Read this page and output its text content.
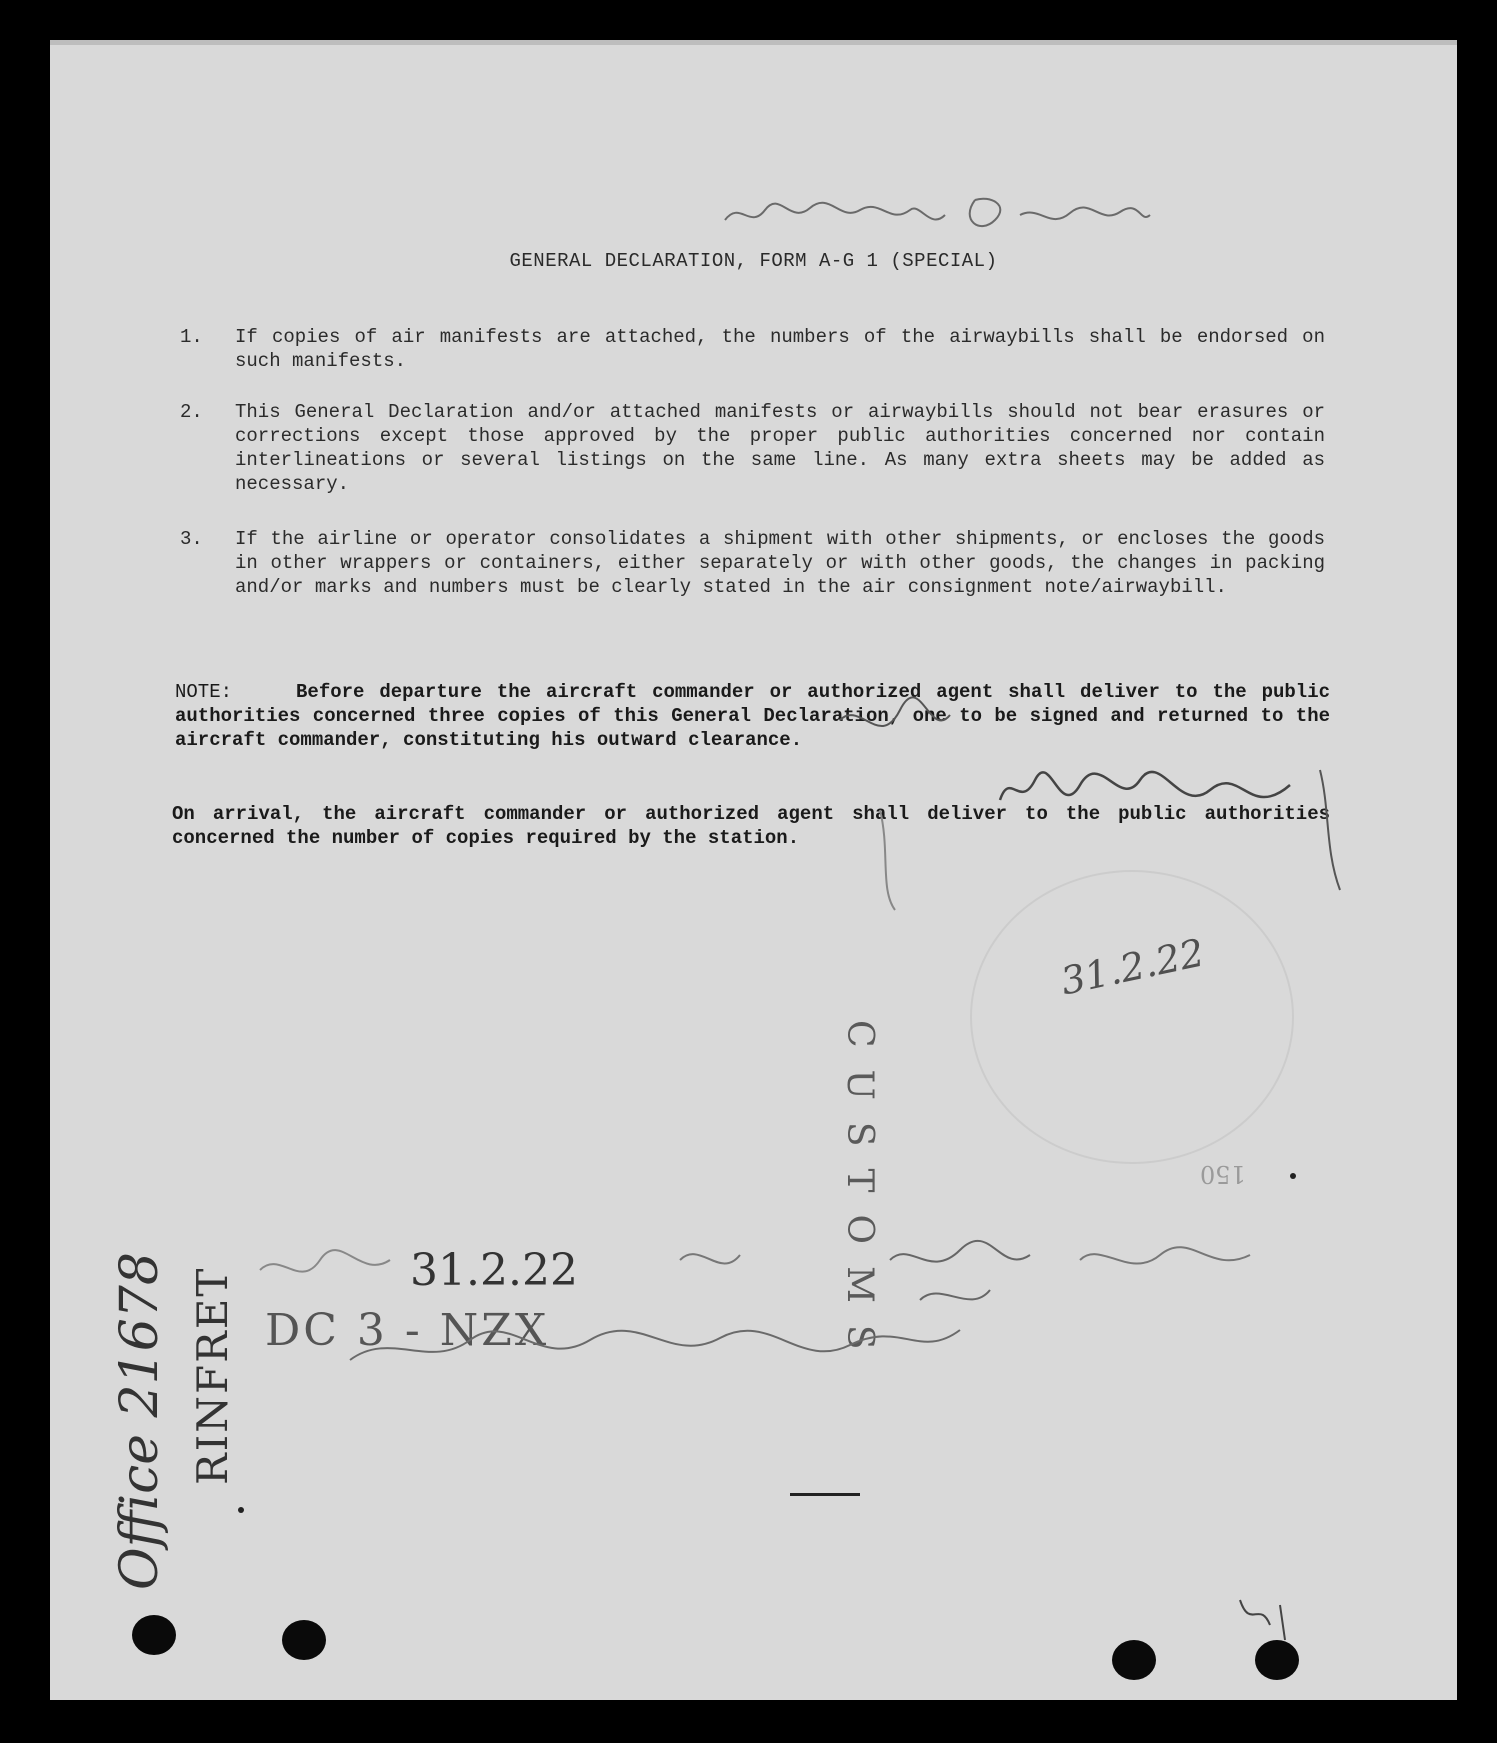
GENERAL DECLARATION, FORM A-G 1 (SPECIAL)
1.	If copies of air manifests are attached, the numbers of the airwaybills shall be endorsed on such manifests.
2.	This General Declaration and/or attached manifests or airwaybills should not bear erasures or corrections except those approved by the proper public authorities concerned nor contain interlineations or several listings on the same line. As many extra sheets may be added as necessary.
3.	If the airline or operator consolidates a shipment with other shipments, or encloses the goods in other wrappers or containers, either separately or with other goods, the changes in packing and/or marks and numbers must be clearly stated in the air consignment note/airwaybill.
NOTE:	Before departure the aircraft commander or authorized agent shall deliver to the public authorities concerned three copies of this General Declaration, one to be signed and returned to the aircraft commander, constituting his outward clearance.
On arrival, the aircraft commander or authorized agent shall deliver to the public authorities concerned the number of copies required by the station.
31.2.22
CUSTOMS	150
Office 21678 RINFRET	31.2.22
DC 3 - NZX
